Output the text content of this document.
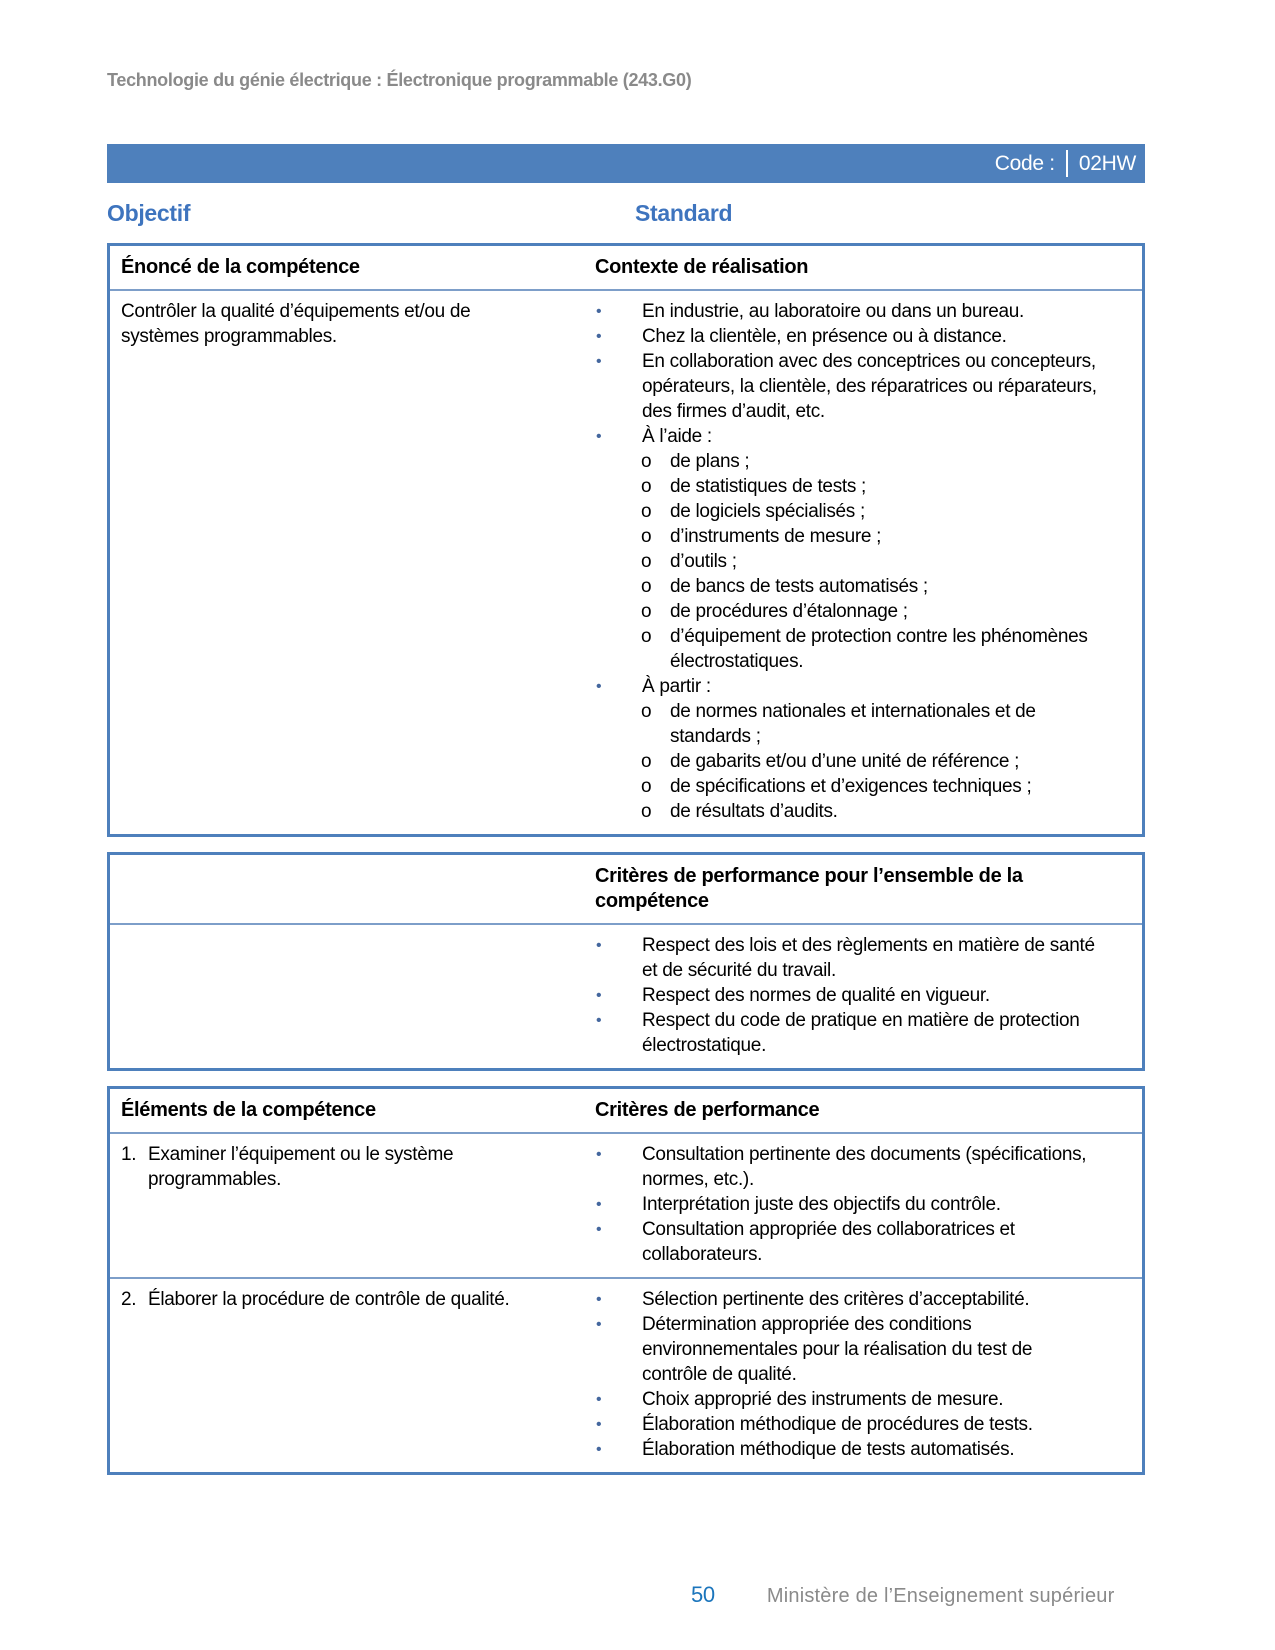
Technologie du génie électrique : Électronique programmable (243.G0)
Code : 02HW
Objectif	Standard
Énoncé de la compétence	Contexte de réalisation
Contrôler la qualité d’équipements et/ou de systèmes programmables.
•	En industrie, au laboratoire ou dans un bureau.
•	Chez la clientèle, en présence ou à distance.
•	En collaboration avec des conceptrices ou concepteurs, opérateurs, la clientèle, des réparatrices ou réparateurs, des firmes d’audit, etc.
•	À l’aide :
o de plans ;
o de statistiques de tests ;
o de logiciels spécialisés ;
o d’instruments de mesure ;
o d’outils ;
o de bancs de tests automatisés ;
o de procédures d’étalonnage ;
o d’équipement de protection contre les phénomènes électrostatiques.
•	À partir :
o de normes nationales et internationales et de standards ;
o de gabarits et/ou d’une unité de référence ;
o de spécifications et d’exigences techniques ;
o de résultats d’audits.
Critères de performance pour l’ensemble de la compétence
•	Respect des lois et des règlements en matière de santé et de sécurité du travail.
•	Respect des normes de qualité en vigueur.
•	Respect du code de pratique en matière de protection électrostatique.
Éléments de la compétence	Critères de performance
1. Examiner l’équipement ou le système programmables.
•	Consultation pertinente des documents (spécifications, normes, etc.).
•	Interprétation juste des objectifs du contrôle.
•	Consultation appropriée des collaboratrices et collaborateurs.
2. Élaborer la procédure de contrôle de qualité.	•	Sélection pertinente des critères d’acceptabilité.
•	Détermination appropriée des conditions environnementales pour la réalisation du test de contrôle de qualité.
•	Choix approprié des instruments de mesure.
•	Élaboration méthodique de procédures de tests.
•	Élaboration méthodique de tests automatisés.
50	Ministère de l’Enseignement supérieur
